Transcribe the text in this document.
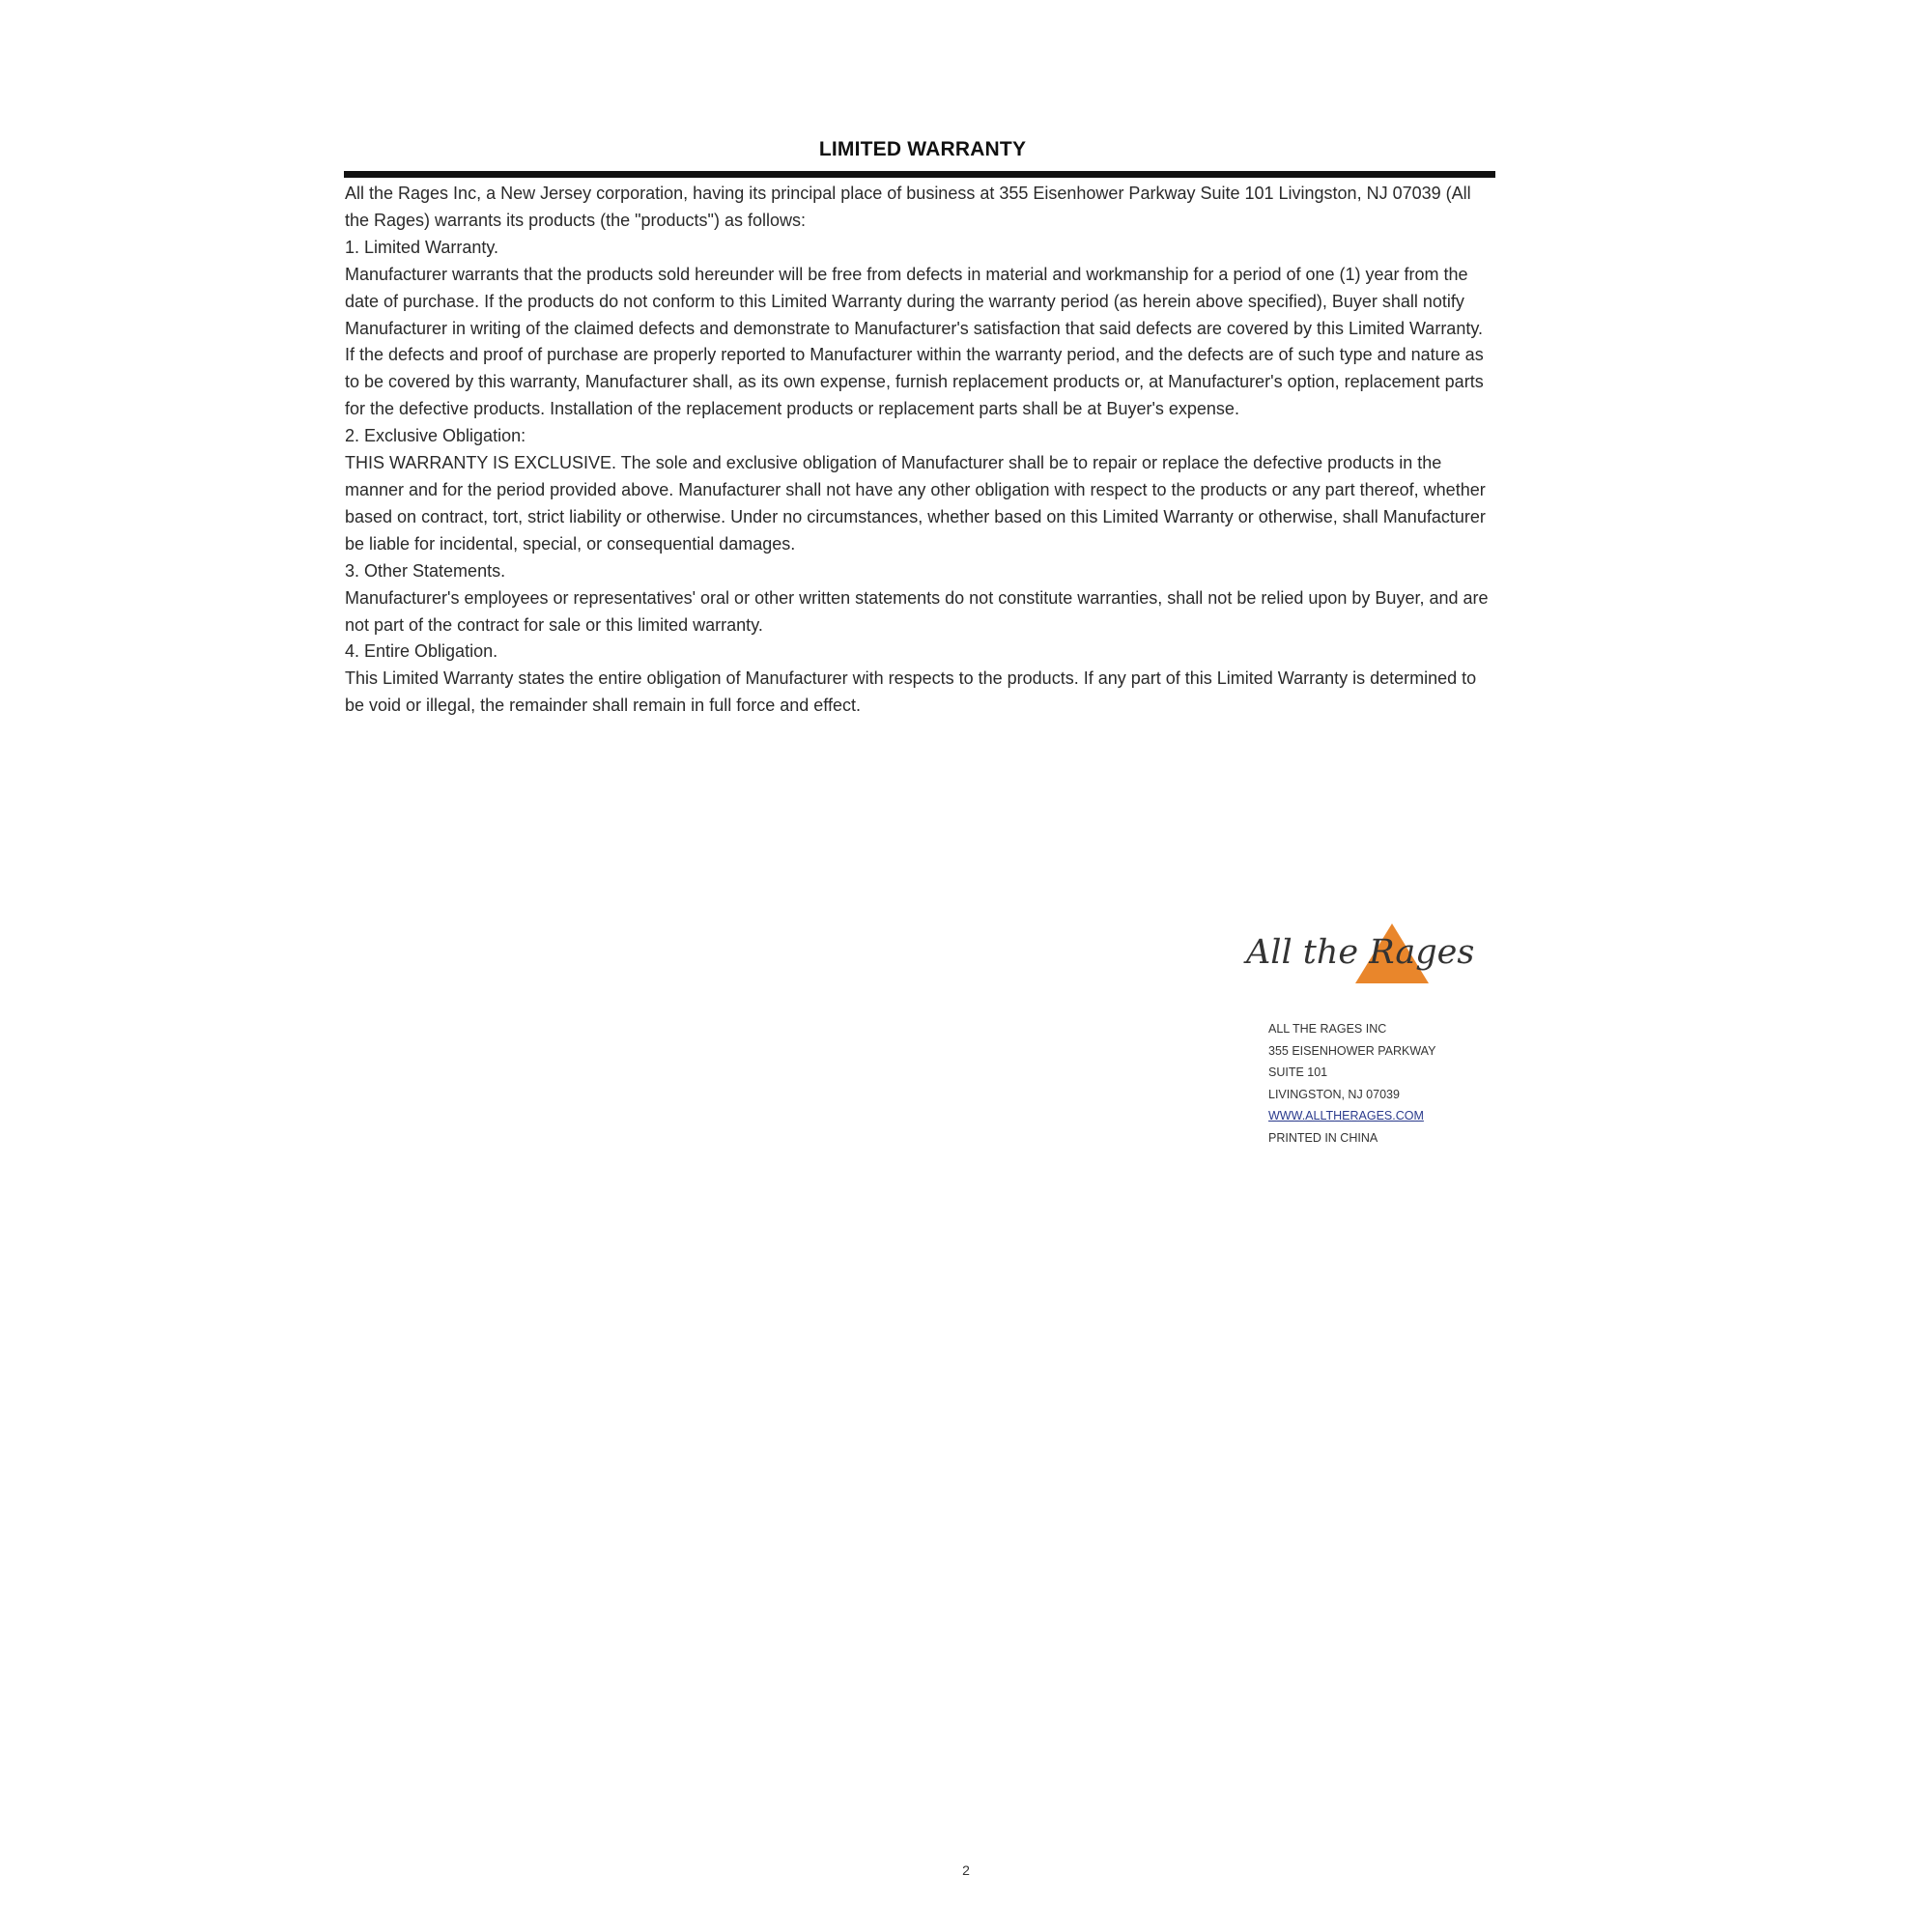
LIMITED WARRANTY

All the Rages Inc, a New Jersey corporation, having its principal place of business at 355 Eisenhower Parkway Suite 101 Livingston, NJ 07039 (All the Rages) warrants its products (the "products") as follows:

1. Limited Warranty.

Manufacturer warrants that the products sold hereunder will be free from defects in material and workmanship for a period of one (1) year from the date of purchase. If the products do not conform to this Limited Warranty during the warranty period (as herein above specified), Buyer shall notify Manufacturer in writing of the claimed defects and demonstrate to Manufacturer's satisfaction that said defects are covered by this Limited Warranty. If the defects and proof of purchase are properly reported to Manufacturer within the warranty period, and the defects are of such type and nature as to be covered by this warranty, Manufacturer shall, as its own expense, furnish replacement products or, at Manufacturer's option, replacement parts for the defective products. Installation of the replacement products or replacement parts shall be at Buyer's expense.

2. Exclusive Obligation:

THIS WARRANTY IS EXCLUSIVE. The sole and exclusive obligation of Manufacturer shall be to repair or replace the defective products in the manner and for the period provided above. Manufacturer shall not have any other obligation with respect to the products or any part thereof, whether based on contract, tort, strict liability or otherwise. Under no circumstances, whether based on this Limited Warranty or otherwise, shall Manufacturer be liable for incidental, special, or consequential damages.

3. Other Statements.

Manufacturer's employees or representatives' oral or other written statements do not constitute warranties, shall not be relied upon by Buyer, and are not part of the contract for sale or this limited warranty.

4. Entire Obligation.

This Limited Warranty states the entire obligation of Manufacturer with respects to the products. If any part of this Limited Warranty is determined to be void or illegal, the remainder shall remain in full force and effect.

All the Rages
ALL THE RAGES INC
355 EISENHOWER PARKWAY
SUITE 101
LIVINGSTON, NJ 07039
WWW.ALLTHERAGES.COM
PRINTED IN CHINA
2
